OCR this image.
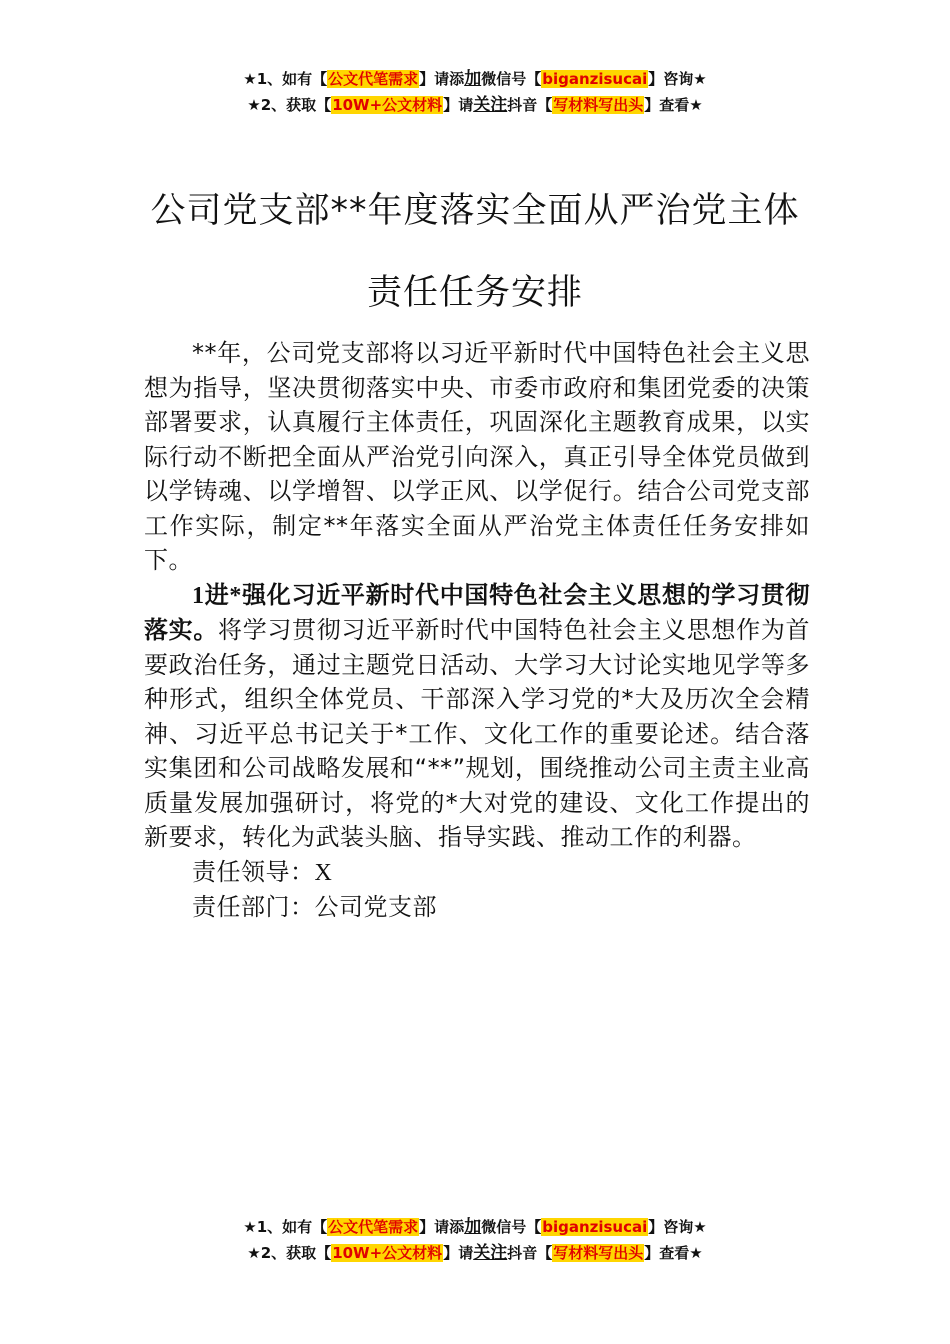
★1、如有【公文代笔需求】请添加微信号【biganzisucai】咨询★
★2、获取【10W+公文材料】请关注抖音【写材料写出头】查看★
公司党支部**年度落实全面从严治党主体
责任任务安排

**年，公司党支部将以习近平新时代中国特色社会主义思想为指导，坚决贯彻落实中央、市委市政府和集团党委的决策部署要求，认真履行主体责任，巩固深化主题教育成果，以实际行动不断把全面从严治党引向深入，真正引导全体党员做到以学铸魂、以学增智、以学正风、以学促行。结合公司党支部工作实际，制定**年落实全面从严治党主体责任任务安排如下。

1进*强化习近平新时代中国特色社会主义思想的学习贯彻落实。将学习贯彻习近平新时代中国特色社会主义思想作为首要政治任务，通过主题党日活动、大学习大讨论实地见学等多种形式，组织全体党员、干部深入学习党的*大及历次全会精神、习近平总书记关于*工作、文化工作的重要论述。结合落实集团和公司战略发展和“**”规划，围绕推动公司主责主业高质量发展加强研讨，将党的*大对党的建设、文化工作提出的新要求，转化为武装头脑、指导实践、推动工作的利器。

责任领导：X

责任部门：公司党支部

★1、如有【公文代笔需求】请添加微信号【biganzisucai】咨询★
★2、获取【10W+公文材料】请关注抖音【写材料写出头】查看★
